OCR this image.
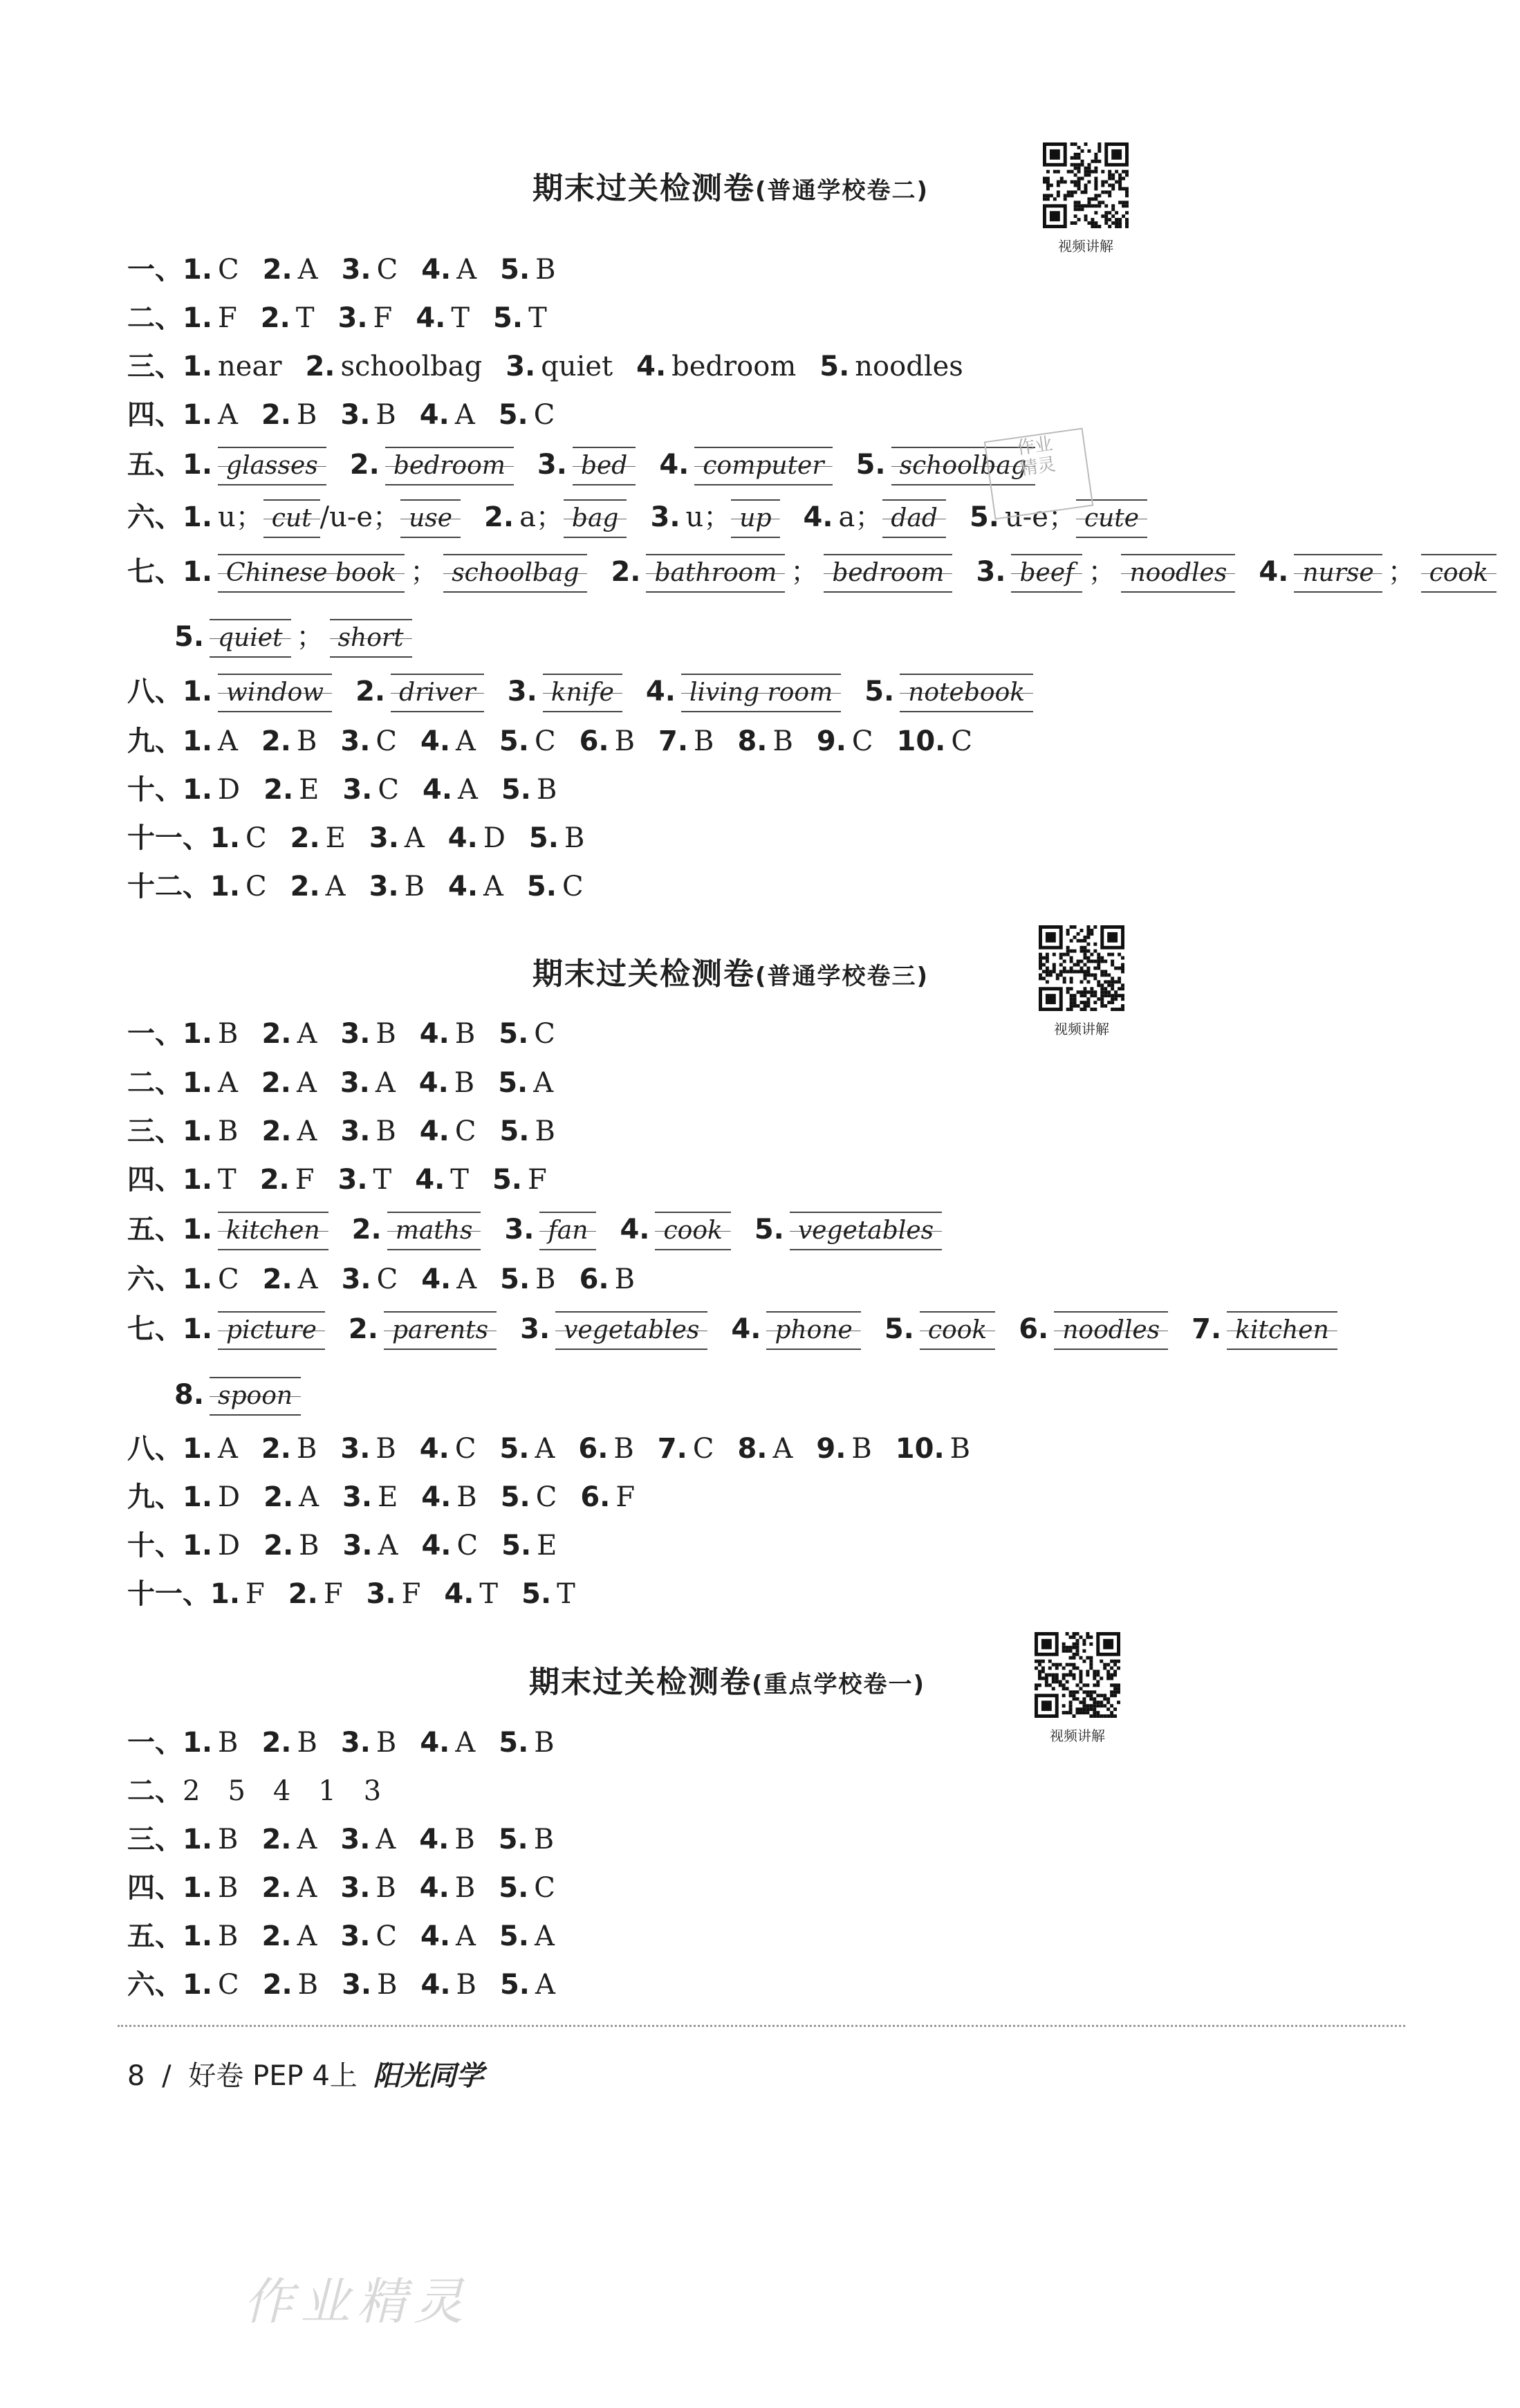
期末过关检测卷(普通学校卷二)
视频讲解
一、1. C 2. A 3. C 4. A 5. B
二、1. F 2. T 3. F 4. T 5. T
三、1. near 2. schoolbag 3. quiet 4. bedroom 5. noodles
四、1. A 2. B 3. B 4. A 5. C
五、1. glasses 2. bedroom 3. bed 4. computer 5. schoolbag
六、1. u； cut /u-e； use 2. a； bag 3. u； up 4. a； dad 5. u-e； cute
七、1. Chinese book ； schoolbag 2. bathroom ； bedroom 3. beef ； noodles 4. nurse ； cook
5. quiet ； short
八、1. window 2. driver 3. knife 4. living room 5. notebook
九、1. A 2. B 3. C 4. A 5. C 6. B 7. B 8. B 9. C 10. C
十、1. D 2. E 3. C 4. A 5. B
十一、1. C 2. E 3. A 4. D 5. B
十二、1. C 2. A 3. B 4. A 5. C
期末过关检测卷(普通学校卷三)
视频讲解
一、1. B 2. A 3. B 4. B 5. C
二、1. A 2. A 3. A 4. B 5. A
三、1. B 2. A 3. B 4. C 5. B
四、1. T 2. F 3. T 4. T 5. F
五、1. kitchen 2. maths 3. fan 4. cook 5. vegetables
六、1. C 2. A 3. C 4. A 5. B 6. B
七、1. picture 2. parents 3. vegetables 4. phone 5. cook 6. noodles 7. kitchen
8. spoon
八、1. A 2. B 3. B 4. C 5. A 6. B 7. C 8. A 9. B 10. B
九、1. D 2. A 3. E 4. B 5. C 6. F
十、1. D 2. B 3. A 4. C 5. E
十一、1. F 2. F 3. F 4. T 5. T
期末过关检测卷(重点学校卷一)
视频讲解
一、1. B 2. B 3. B 4. A 5. B
二、2　5　4　1　3
三、1. B 2. A 3. A 4. B 5. B
四、1. B 2. A 3. B 4. B 5. C
五、1. B 2. A 3. C 4. A 5. A
六、1. C 2. B 3. B 4. B 5. A
作业
精灵
作业精灵
8 / 好卷 PEP 4上 阳光同学
